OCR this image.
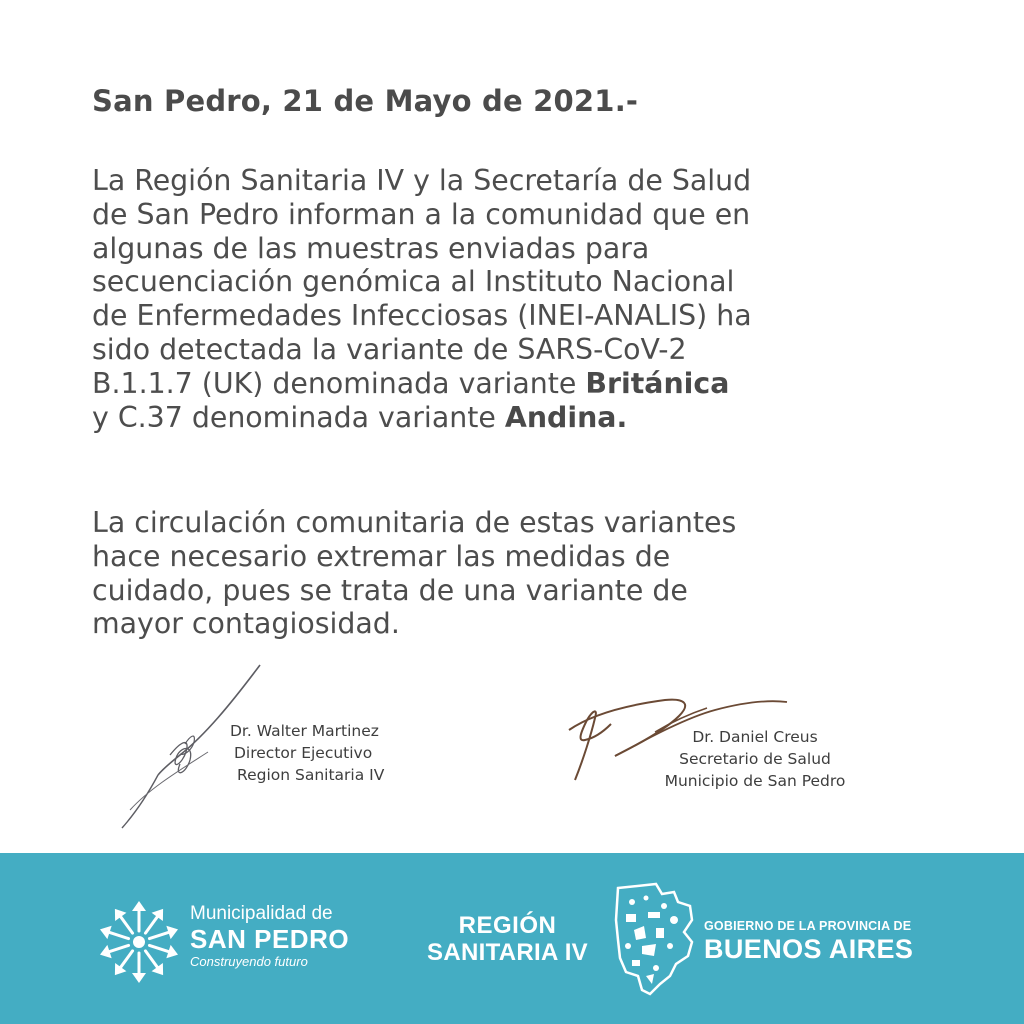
San Pedro, 21 de Mayo de 2021.-
La Región Sanitaria IV y la Secretaría de Salud
de San Pedro informan a la comunidad que en
algunas de las muestras enviadas para
secuenciación genómica al Instituto Nacional
de Enfermedades Infecciosas (INEI-ANALIS) ha
sido detectada la variante de SARS-CoV-2
B.1.1.7 (UK) denominada variante Británica
y C.37 denominada variante Andina.
La circulación comunitaria de estas variantes
hace necesario extremar las medidas de
cuidado, pues se trata de una variante de
mayor contagiosidad.
Dr. Walter Martinez
Director Ejecutivo
Region Sanitaria IV
Dr. Daniel Creus
Secretario de Salud
Municipio de San Pedro
Municipalidad de
SAN PEDRO
Construyendo futuro
REGIÓN
SANITARIA IV
GOBIERNO DE LA PROVINCIA DE
BUENOS AIRES
